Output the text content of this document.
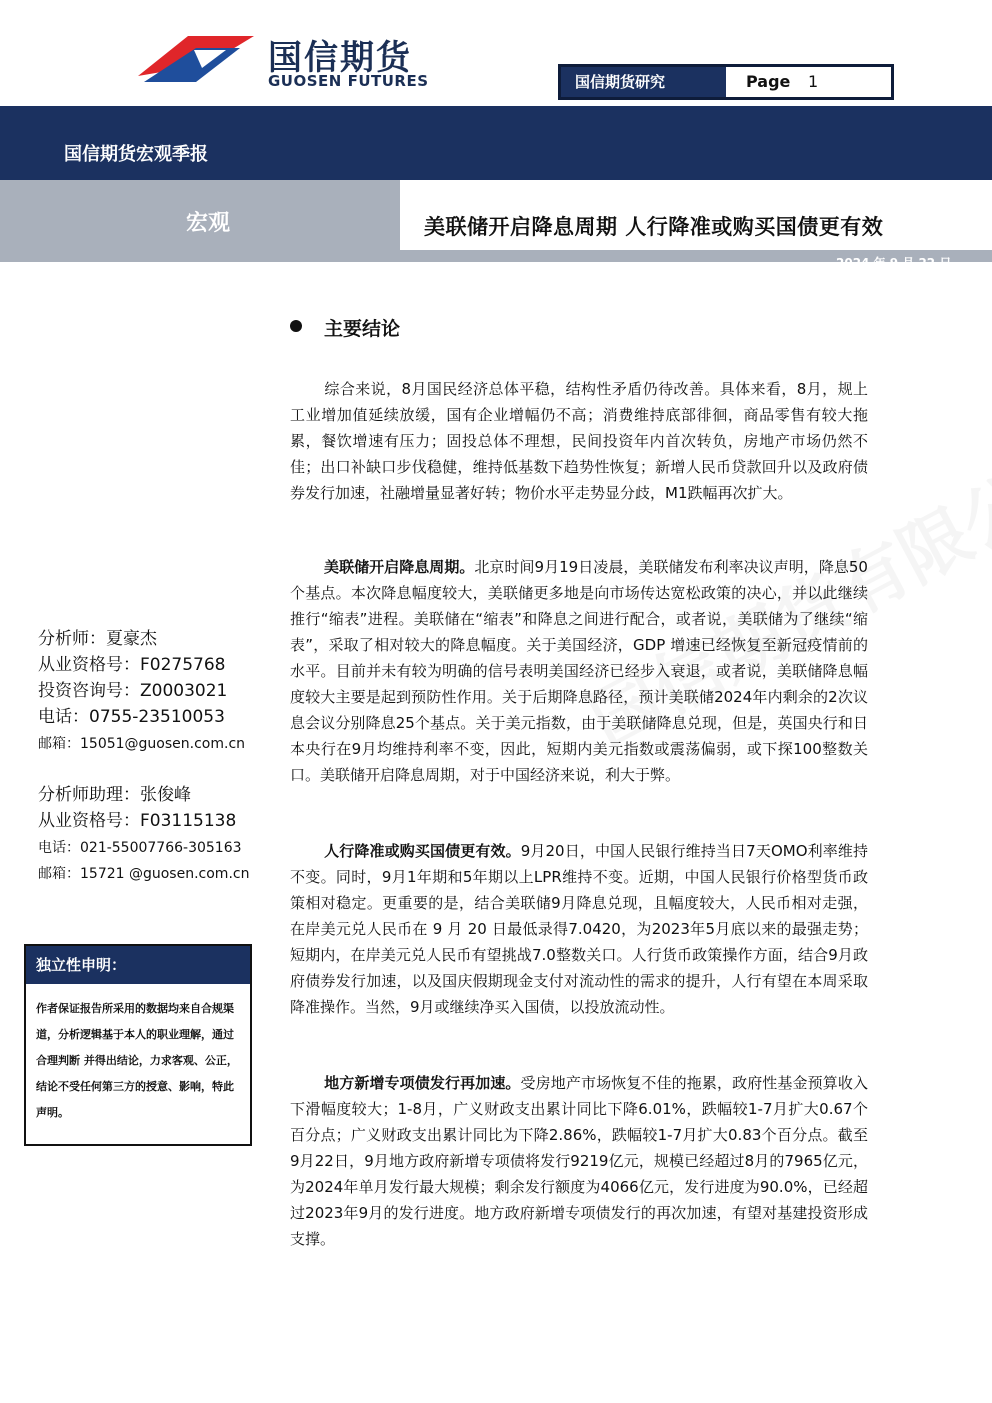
国信期货
GUOSEN FUTURES	国信期货研究	Page 1
国信期货宏观季报
宏观	美联储开启降息周期 人行降准或购买国债更有效
2024 年 9 月 22 日
主要结论
综合来说，8月国民经济总体平稳，结构性矛盾仍待改善。具体来看，8月，规上工业增加值延续放缓，国有企业增幅仍不高；消费维持底部徘徊，商品零售有较大拖累，餐饮增速有压力；固投总体不理想，民间投资年内首次转负，房地产市场仍然不佳；出口补缺口步伐稳健，维持低基数下趋势性恢复；新增人民币贷款回升以及政府债券发行加速，社融增量显著好转；物价水平走势显分歧，M1跌幅再次扩大。
美联储开启降息周期。北京时间9月19日凌晨，美联储发布利率决议声明，降息50个基点。本次降息幅度较大，美联储更多地是向市场传达宽松政策的决心，并以此继续推行“缩表”进程。美联储在“缩表”和降息之间进行配合，或者说，美联储为了继续“缩表”，采取了相对较大的降息幅度。关于美国经济，GDP 增速已经恢复至新冠疫情前的水平。目前并未有较为明确的信号表明美国经济已经步入衰退，或者说，美联储降息幅度较大主要是起到预防性作用。关于后期降息路径，预计美联储2024年内剩余的2次议息会议分别降息25个基点。关于美元指数，由于美联储降息兑现，但是，英国央行和日本央行在9月均维持利率不变，因此，短期内美元指数或震荡偏弱，或下探100整数关口。美联储开启降息周期，对于中国经济来说，利大于弊。
人行降准或购买国债更有效。9月20日，中国人民银行维持当日7天OMO利率维持不变。同时，9月1年期和5年期以上LPR维持不变。近期，中国人民银行价格型货币政策相对稳定。更重要的是，结合美联储9月降息兑现，且幅度较大，人民币相对走强，在岸美元兑人民币在 9 月 20 日最低录得7.0420，为2023年5月底以来的最强走势；短期内，在岸美元兑人民币有望挑战7.0整数关口。人行货币政策操作方面，结合9月政府债券发行加速，以及国庆假期现金支付对流动性的需求的提升，人行有望在本周采取降准操作。当然，9月或继续净买入国债，以投放流动性。
地方新增专项债发行再加速。受房地产市场恢复不佳的拖累，政府性基金预算收入下滑幅度较大；1-8月，广义财政支出累计同比下降6.01%，跌幅较1-7月扩大0.67个百分点；广义财政支出累计同比为下降2.86%，跌幅较1-7月扩大0.83个百分点。截至9月22日，9月地方政府新增专项债将发行9219亿元，规模已经超过8月的7965亿元，为2024年单月发行最大规模；剩余发行额度为4066亿元，发行进度为90.0%，已经超过2023年9月的发行进度。地方政府新增专项债发行的再次加速，有望对基建投资形成支撑。
分析师：夏豪杰
从业资格号：F0275768
投资咨询号：Z0003021
电话：0755-23510053
邮箱：15051@guosen.com.cn
分析师助理：张俊峰
从业资格号：F03115138
电话：021-55007766-305163
邮箱：15721 @guosen.com.cn
独立性申明：
作者保证报告所采用的数据均来自合规渠道，分析逻辑基于本人的职业理解，通过合理判断 并得出结论，力求客观、公正，结论不受任何第三方的授意、影响，特此声明。
